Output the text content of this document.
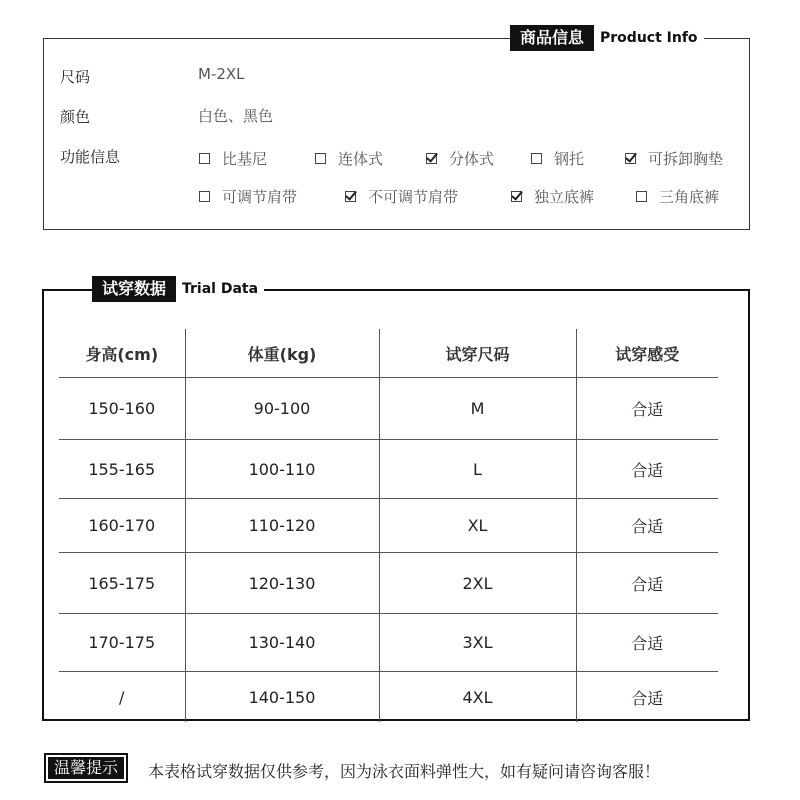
商品信息	Product Info
尺码	M-2XL
颜色	白色、黑色
功能信息	比基尼	连体式	分体式	钢托	可拆卸胸垫
可调节肩带	不可调节肩带	独立底裤	三角底裤
试穿数据	Trial Data
身高(cm)	体重(kg)	试穿尺码	试穿感受
150-160	90-100	M	合适
155-165	100-110	L	合适
160-170	110-120	XL	合适
165-175	120-130	2XL	合适
170-175	130-140	3XL	合适
/	140-150	4XL	合适
温馨提示	本表格试穿数据仅供参考，因为泳衣面料弹性大，如有疑问请咨询客服！
